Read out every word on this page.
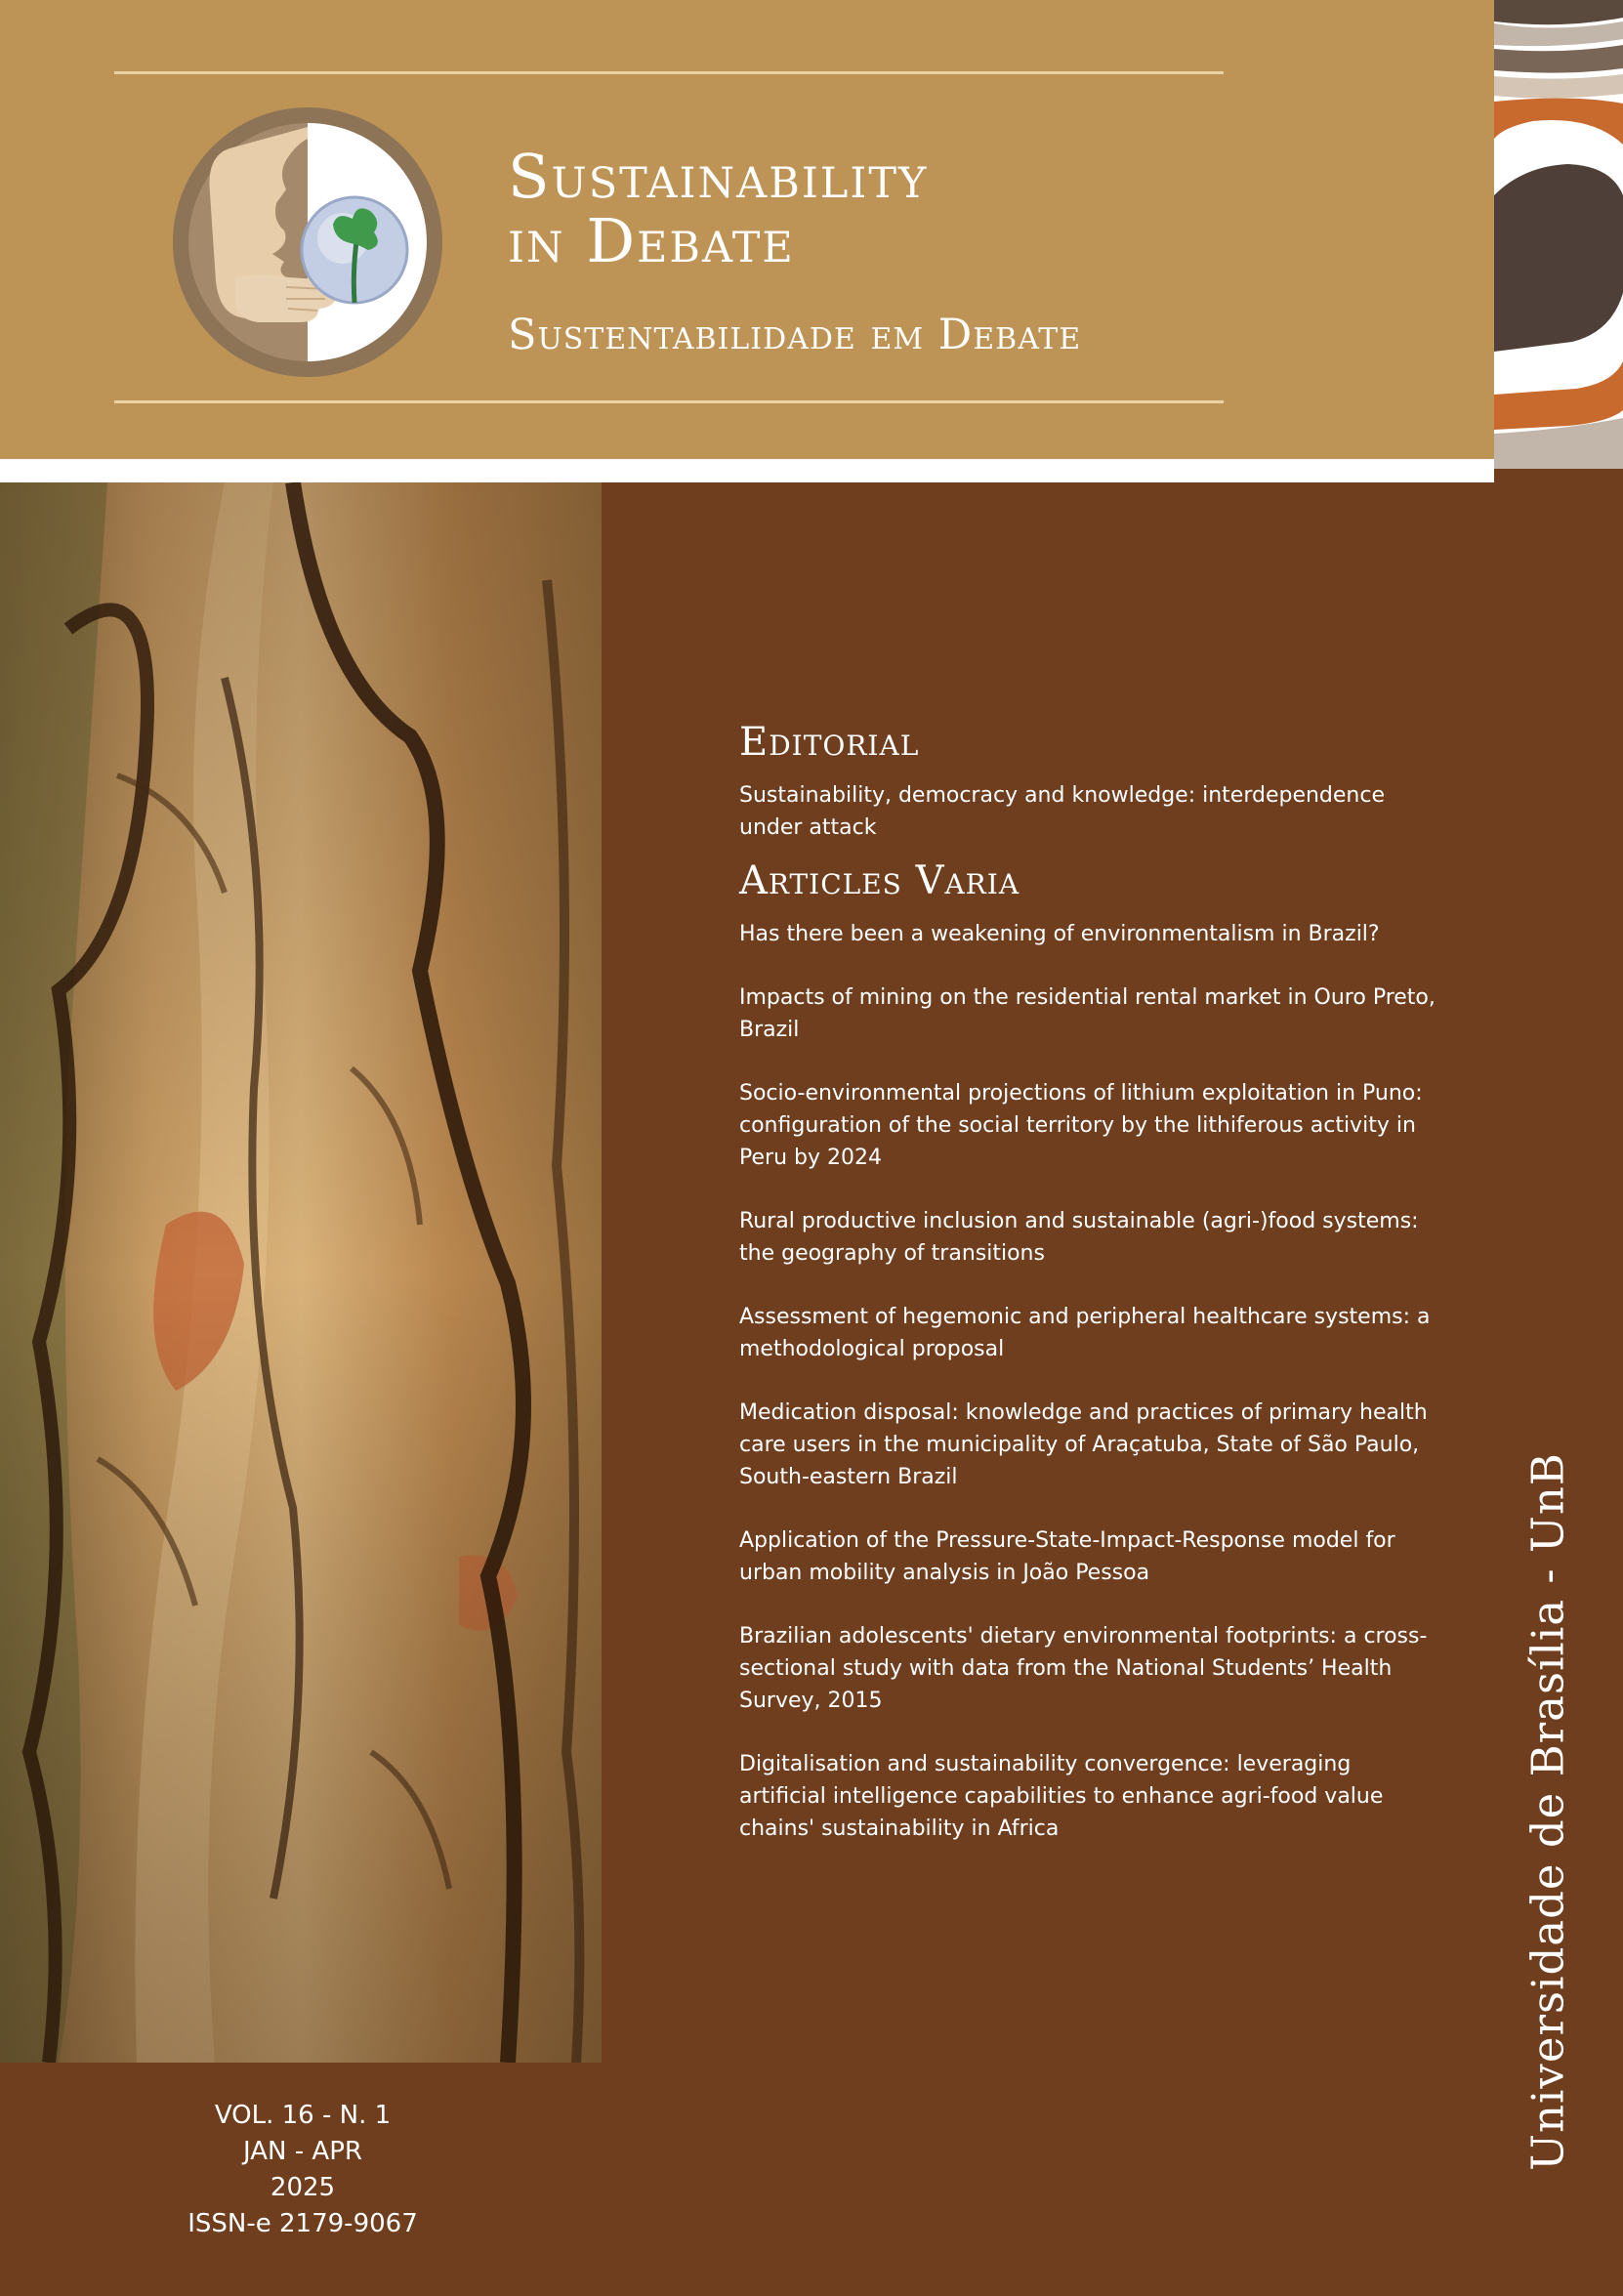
Sustainability
in Debate
Sustentabilidade em Debate
Editorial

Sustainability, democracy and knowledge: interdependence under attack

Articles Varia

Has there been a weakening of environmentalism in Brazil?

Impacts of mining on the residential rental market in Ouro Preto, Brazil

Socio-environmental projections of lithium exploitation in Puno: configuration of the social territory by the lithiferous activity in Peru by 2024

Rural productive inclusion and sustainable (agri-)food systems: the geography of transitions

Assessment of hegemonic and peripheral healthcare systems: a methodological proposal

Medication disposal: knowledge and practices of primary health care users in the municipality of Araçatuba, State of São Paulo, South-eastern Brazil

Application of the Pressure-State-Impact-Response model for urban mobility analysis in João Pessoa

Brazilian adolescents' dietary environmental footprints: a cross-sectional study with data from the National Students’ Health Survey, 2015

Digitalisation and sustainability convergence: leveraging artificial intelligence capabilities to enhance agri-food value chains' sustainability in Africa

VOL. 16 - N. 1
JAN - APR
2025
ISSN-e 2179-9067
Universidade de Brasília - UnB
